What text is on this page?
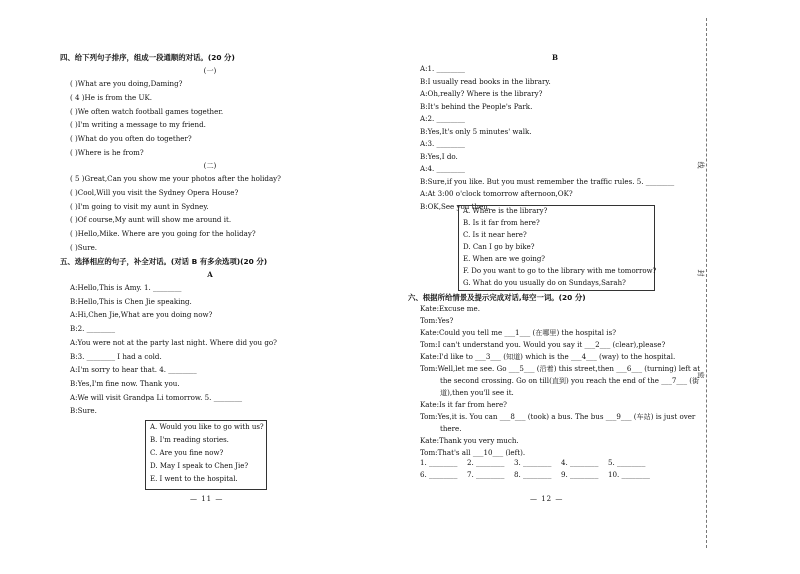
四、给下列句子排序，组成一段通顺的对话。(20 分)
(一)
( )What are you doing,Daming?
( 4 )He is from the UK.
( )We often watch football games together.
( )I'm writing a message to my friend.
( )What do you often do together?
( )Where is he from?
(二)
( 5 )Great,Can you show me your photos after the holiday?
( )Cool,Will you visit the Sydney Opera House?
( )I'm going to visit my aunt in Sydney.
( )Of course,My aunt will show me around it.
( )Hello,Mike. Where are you going for the holiday?
( )Sure.
五、选择相应的句子，补全对话。(对话 B 有多余选项)(20 分)
A
A:Hello,This is Amy. 1. ________
B:Hello,This is Chen Jie speaking.
A:Hi,Chen Jie,What are you doing now?
B:2. ________
A:You were not at the party last night. Where did you go?
B:3. ________ I had a cold.
A:I'm sorry to hear that. 4. ________
B:Yes,I'm fine now. Thank you.
A:We will visit Grandpa Li tomorrow. 5. ________
B:Sure.
A. Would you like to go with us?
B. I'm reading stories.
C. Are you fine now?
D. May I speak to Chen Jie?
E. I went to the hospital.
— 11 —
B
A:1. ________
B:I usually read books in the library.
A:Oh,really? Where is the library?
B:It's behind the People's Park.
A:2. ________
B:Yes,It's only 5 minutes' walk.
A:3. ________
B:Yes,I do.
A:4. ________
B:Sure,if you like. But you must remember the traffic rules. 5. ________
A:At 3:00 o'clock tomorrow afternoon,OK?
B:OK,See you then.
A. Where is the library?
B. Is it far from here?
C. Is it near here?
D. Can I go by bike?
E. When are we going?
F. Do you want to go to the library with me tomorrow?
G. What do you usually do on Sundays,Sarah?
六、根据所给情景及提示完成对话,每空一词。(20 分)
Kate:Excuse me.
Tom:Yes?
Kate:Could you tell me ___1___ (在哪里) the hospital is?
Tom:I can't understand you. Would you say it ___2___ (clear),please?
Kate:I'd like to ___3___ (知道) which is the ___4___ (way) to the hospital.
Tom:Well,let me see. Go ___5___ (沿着) this street,then ___6___ (turning) left at
the second crossing. Go on till(直到) you reach the end of the ___7___ (街
道),then you'll see it.
Kate:Is it far from here?
Tom:Yes,it is. You can ___8___ (took) a bus. The bus ___9___ (车站) is just over
there.
Kate:Thank you very much.
Tom:That's all ___10___ (left).
1. ________ 2. ________ 3. ________ 4. ________ 5. ________
6. ________ 7. ________ 8. ________ 9. ________ 10. ________
— 12 —
线
封
密
